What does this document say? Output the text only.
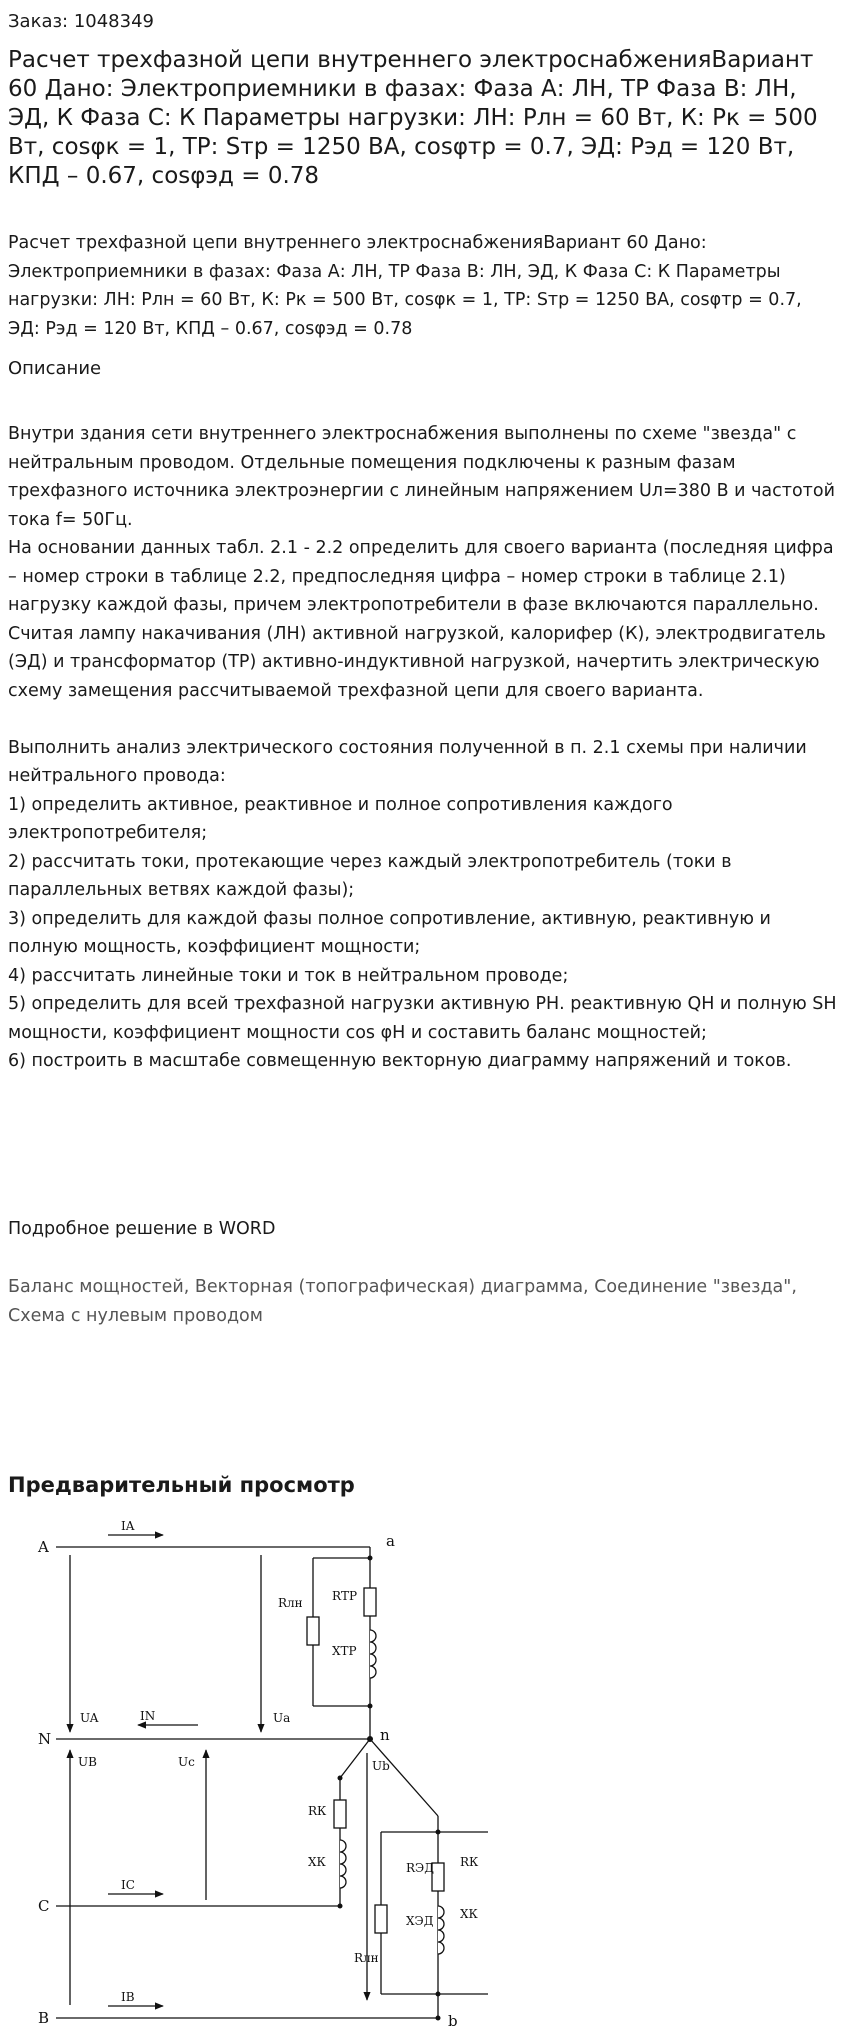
Заказ: 1048349
Расчет трехфазной цепи внутреннего электроснабженияВариант 60 Дано: Электроприемники в фазах: Фаза А: ЛН, ТР Фаза В: ЛН, ЭД, К Фаза С: К Параметры нагрузки: ЛН: Рлн = 60 Вт, К: Рк = 500 Вт, cosφк = 1, ТР: Sтр = 1250 ВА, cosφтр = 0.7, ЭД: Рэд = 120 Вт, КПД – 0.67, cosφэд = 0.78
Расчет трехфазной цепи внутреннего электроснабженияВариант 60 Дано: Электроприемники в фазах: Фаза А: ЛН, ТР Фаза В: ЛН, ЭД, К Фаза С: К Параметры нагрузки: ЛН: Рлн = 60 Вт, К: Рк = 500 Вт, cosφк = 1, ТР: Sтр = 1250 ВА, cosφтр = 0.7, ЭД: Рэд = 120 Вт, КПД – 0.67, cosφэд = 0.78
Описание

Внутри здания сети внутреннего электроснабжения выполнены по схеме "звезда" с нейтральным проводом. Отдельные помещения подключены к разным фазам трехфазного источника электроэнергии с линейным напряжением Uл=380 В и частотой тока f= 50Гц.

На основании данных табл. 2.1 - 2.2 определить для своего варианта (последняя цифра – номер строки в таблице 2.2, предпоследняя цифра – номер строки в таблице 2.1) нагрузку каждой фазы, причем электропотребители в фазе включаются параллельно.

Считая лампу накачивания (ЛН) активной нагрузкой, калорифер (К), электродвигатель (ЭД) и трансформатор (ТР) активно-индуктивной нагрузкой, начертить электрическую схему замещения рассчитываемой трехфазной цепи для своего варианта.

Выполнить анализ электрического состояния полученной в п. 2.1 схемы при наличии нейтрального провода:

1) определить активное, реактивное и полное сопротивления каждого электропотребителя;

2) рассчитать токи, протекающие через каждый электропотребитель (токи в параллельных ветвях каждой фазы);

3) определить для каждой фазы полное сопротивление, активную, реактивную и полную мощность, коэффициент мощности;

4) рассчитать линейные токи и ток в нейтральном проводе;

5) определить для всей трехфазной нагрузки активную PН. реактивную QН и полную SН мощности, коэффициент мощности cos φН и составить баланс мощностей;

6) построить в масштабе совмещенную векторную диаграмму напряжений и токов.

Подробное решение в WORD
Баланс мощностей, Векторная (топографическая) диаграмма, Соединение "звезда", Схема с нулевым проводом
Предварительный просмотр
A
N
C
B
a
n
b
IA
IN
IC
IB
UA	Ua
UB	Uc	Ub
Rлн RТР
XТР
RК
XК	RЭД
XЭД
RК
XК
Rлн
